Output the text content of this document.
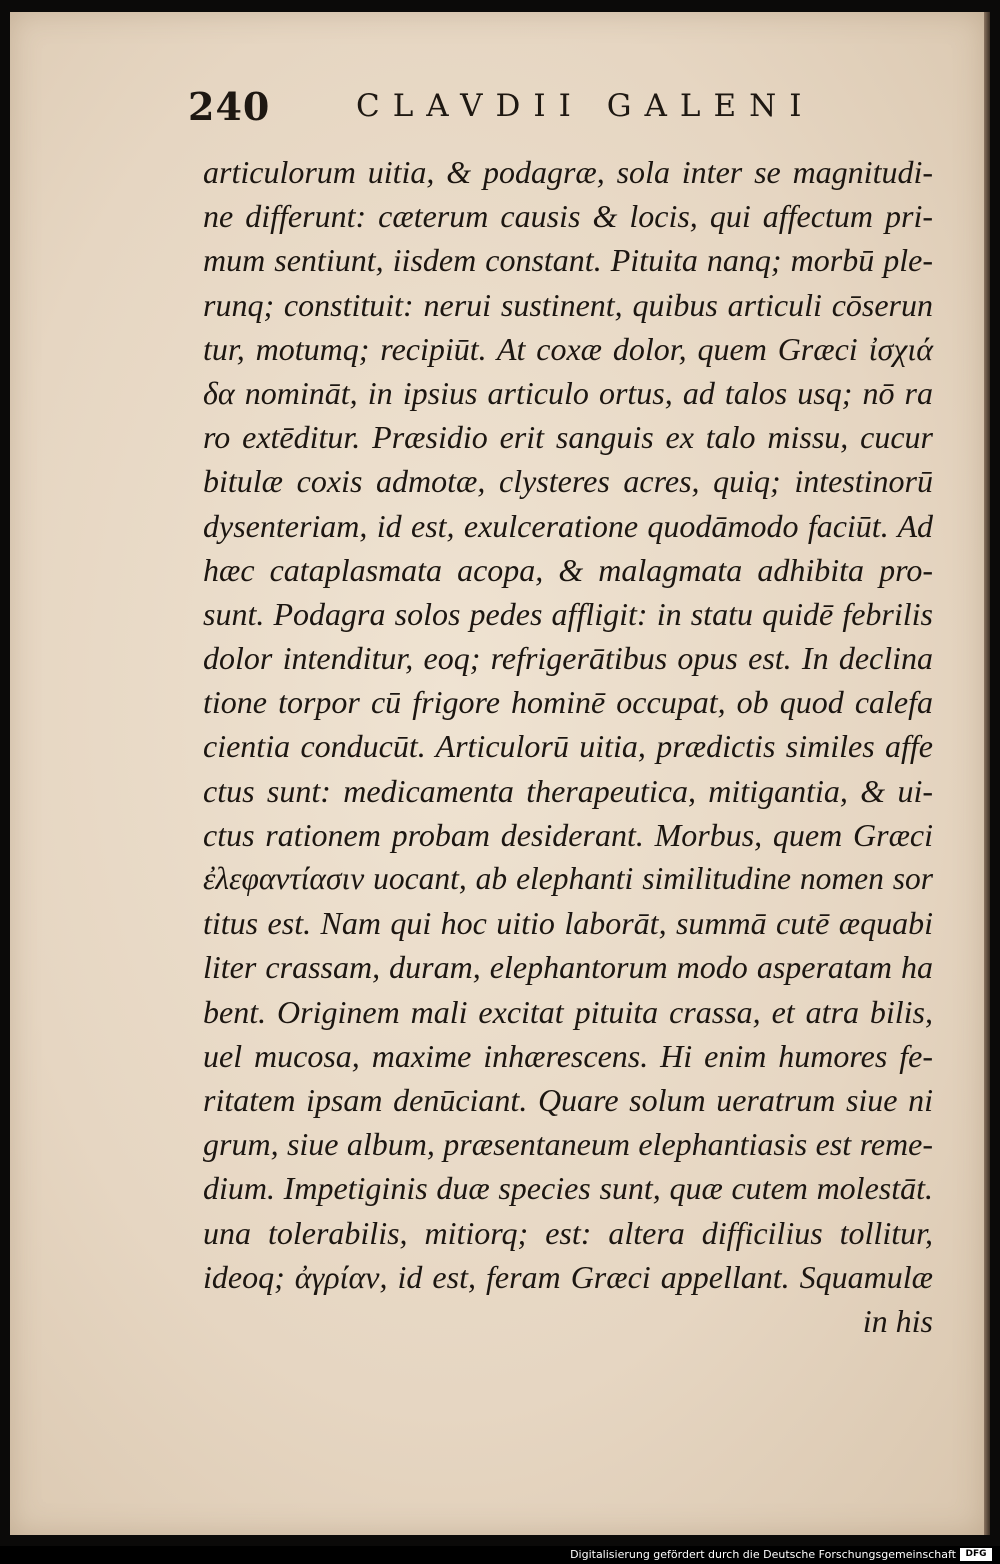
240	CLAVDII GALENI
articulorum uitia, & podagræ, sola inter se magnitudi-
ne differunt: cæterum causis & locis, qui affectum pri-
mum sentiunt, iisdem constant. Pituita nanq; morbū ple-
runq; constituit: nerui sustinent, quibus articuli cōserun
tur, motumq; recipiūt. At coxæ dolor, quem Græci ἰσχιά
δα nomināt, in ipsius articulo ortus, ad talos usq; nō ra
ro extēditur. Præsidio erit sanguis ex talo missu, cucur
bitulæ coxis admotæ, clysteres acres, quiq; intestinorū
dysenteriam, id est, exulceratione quodāmodo faciūt. Ad
hæc cataplasmata acopa, & malagmata adhibita pro-
sunt. Podagra solos pedes affligit: in statu quidē febrilis
dolor intenditur, eoq; refrigerātibus opus est. In declina
tione torpor cū frigore hominē occupat, ob quod calefa
cientia conducūt. Articulorū uitia, prædictis similes affe
ctus sunt: medicamenta therapeutica, mitigantia, & ui-
ctus rationem probam desiderant. Morbus, quem Græci
ἐλεφαντίασιν uocant, ab elephanti similitudine nomen sor
titus est. Nam qui hoc uitio laborāt, summā cutē æquabi
liter crassam, duram, elephantorum modo asperatam ha
bent. Originem mali excitat pituita crassa, et atra bilis,
uel mucosa, maxime inhærescens. Hi enim humores fe-
ritatem ipsam denūciant. Quare solum ueratrum siue ni
grum, siue album, præsentaneum elephantiasis est reme-
dium. Impetiginis duæ species sunt, quæ cutem molestāt.
una tolerabilis, mitiorq; est: altera difficilius tollitur,
ideoq; ἀγρίαν, id est, feram Græci appellant. Squamulæ
in his
Digitalisierung gefördert durch die Deutsche Forschungsgemeinschaft	DFG
